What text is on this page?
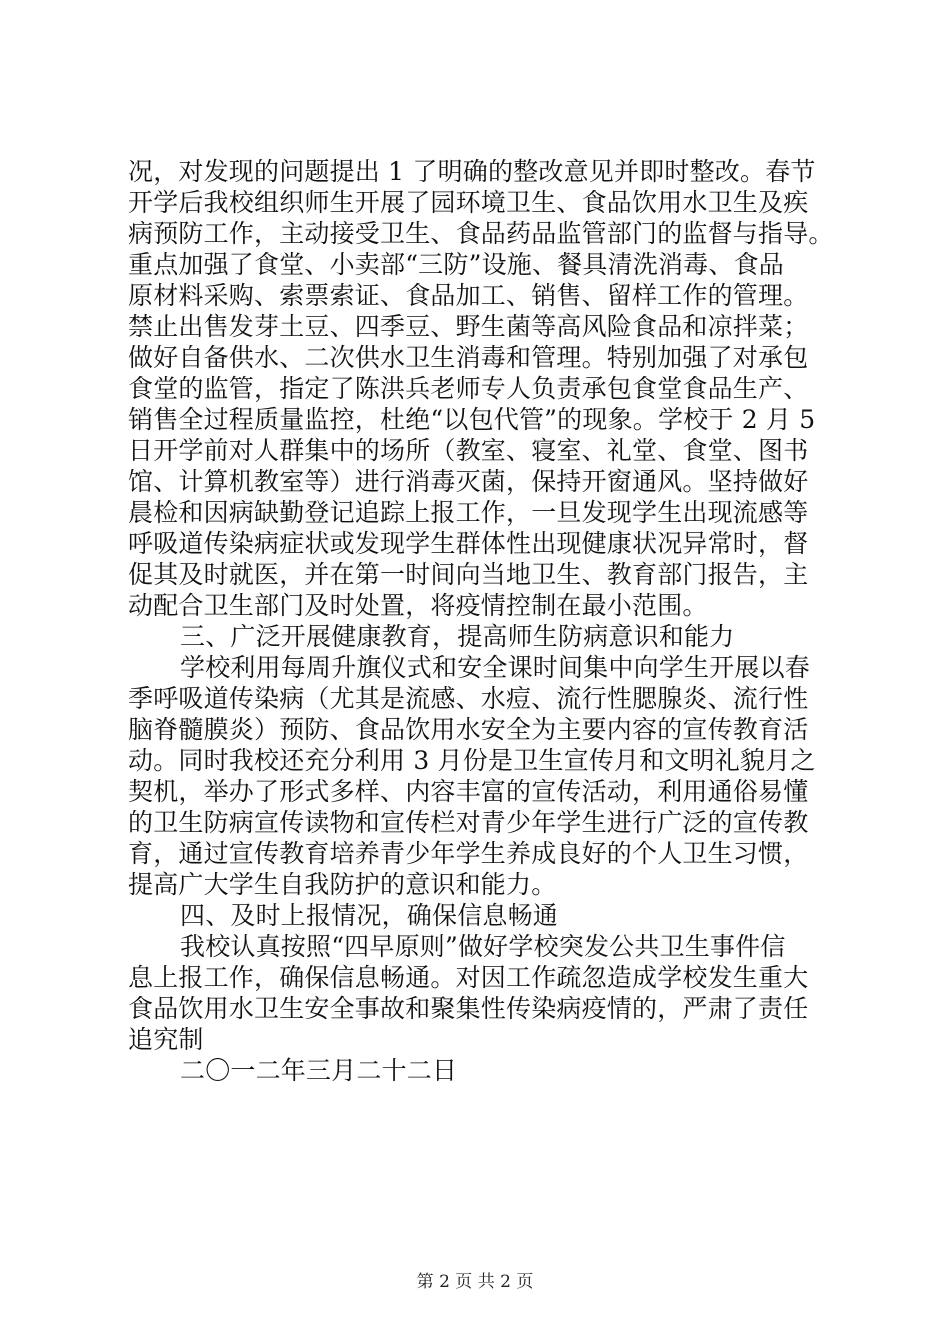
况，对发现的问题提出 1 了明确的整改意见并即时整改。春节
开学后我校组织师生开展了园环境卫生、食品饮用水卫生及疾
病预防工作，主动接受卫生、食品药品监管部门的监督与指导。
重点加强了食堂、小卖部“三防”设施、餐具清洗消毒、食品
原材料采购、索票索证、食品加工、销售、留样工作的管理。
禁止出售发芽土豆、四季豆、野生菌等高风险食品和凉拌菜；
做好自备供水、二次供水卫生消毒和管理。特别加强了对承包
食堂的监管，指定了陈洪兵老师专人负责承包食堂食品生产、
销售全过程质量监控，杜绝“以包代管”的现象。学校于 2 月 5
日开学前对人群集中的场所（教室、寝室、礼堂、食堂、图书
馆、计算机教室等）进行消毒灭菌，保持开窗通风。坚持做好
晨检和因病缺勤登记追踪上报工作，一旦发现学生出现流感等
呼吸道传染病症状或发现学生群体性出现健康状况异常时，督
促其及时就医，并在第一时间向当地卫生、教育部门报告，主
动配合卫生部门及时处置，将疫情控制在最小范围。
三、广泛开展健康教育，提高师生防病意识和能力
学校利用每周升旗仪式和安全课时间集中向学生开展以春
季呼吸道传染病（尤其是流感、水痘、流行性腮腺炎、流行性
脑脊髓膜炎）预防、食品饮用水安全为主要内容的宣传教育活
动。同时我校还充分利用 3 月份是卫生宣传月和文明礼貌月之
契机，举办了形式多样、内容丰富的宣传活动，利用通俗易懂
的卫生防病宣传读物和宣传栏对青少年学生进行广泛的宣传教
育，通过宣传教育培养青少年学生养成良好的个人卫生习惯，
提高广大学生自我防护的意识和能力。
四、及时上报情况，确保信息畅通
我校认真按照“四早原则”做好学校突发公共卫生事件信
息上报工作，确保信息畅通。对因工作疏忽造成学校发生重大
食品饮用水卫生安全事故和聚集性传染病疫情的，严肃了责任
追究制
二〇一二年三月二十二日
第 2 页 共 2 页
